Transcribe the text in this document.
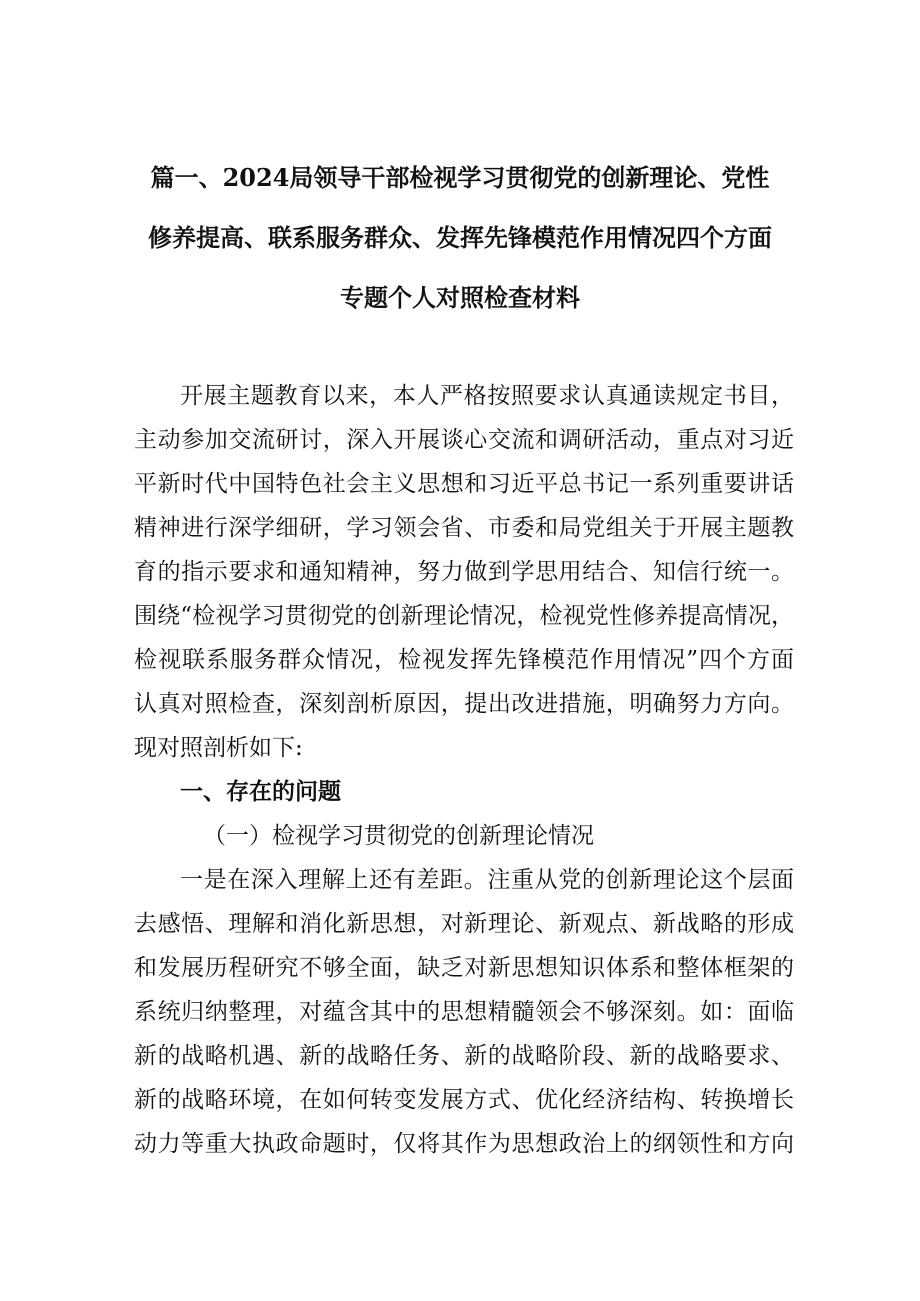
篇一、2024局领导干部检视学习贯彻党的创新理论、党性

修养提高、联系服务群众、发挥先锋模范作用情况四个方面

专题个人对照检查材料

开展主题教育以来，本人严格按照要求认真通读规定书目，

主动参加交流研讨，深入开展谈心交流和调研活动，重点对习近

平新时代中国特色社会主义思想和习近平总书记一系列重要讲话

精神进行深学细研，学习领会省、市委和局党组关于开展主题教

育的指示要求和通知精神，努力做到学思用结合、知信行统一。

围绕“检视学习贯彻党的创新理论情况，检视党性修养提高情况，

检视联系服务群众情况，检视发挥先锋模范作用情况”四个方面

认真对照检查，深刻剖析原因，提出改进措施，明确努力方向。

现对照剖析如下:

一、存在的问题

（一）检视学习贯彻党的创新理论情况

一是在深入理解上还有差距。注重从党的创新理论这个层面

去感悟、理解和消化新思想，对新理论、新观点、新战略的形成

和发展历程研究不够全面，缺乏对新思想知识体系和整体框架的

系统归纳整理，对蕴含其中的思想精髓领会不够深刻。如：面临

新的战略机遇、新的战略任务、新的战略阶段、新的战略要求、

新的战略环境，在如何转变发展方式、优化经济结构、转换增长

动力等重大执政命题时，仅将其作为思想政治上的纲领性和方向
